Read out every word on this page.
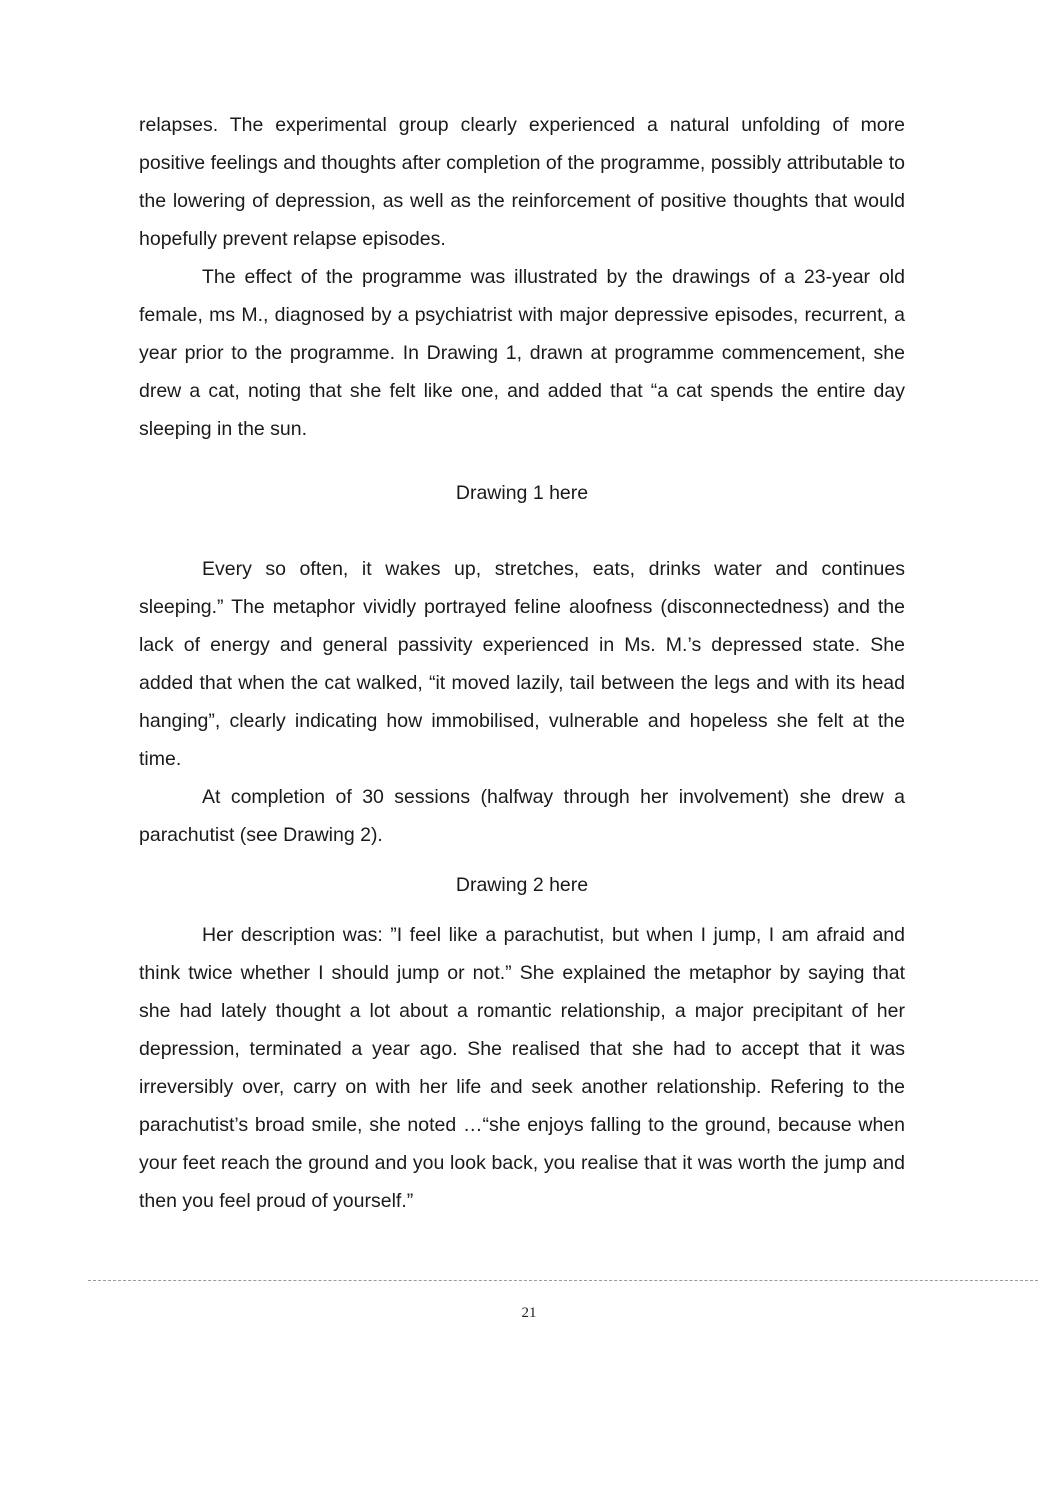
relapses. The experimental group clearly experienced a natural unfolding of more positive feelings and thoughts after completion of the programme, possibly attributable to the lowering of depression, as well as the reinforcement of positive thoughts that would hopefully prevent relapse episodes.

The effect of the programme was illustrated by the drawings of a 23-year old female, ms M., diagnosed by a psychiatrist with major depressive episodes, recurrent, a year prior to the programme. In Drawing 1, drawn at programme commencement, she drew a cat, noting that she felt like one, and added that “a cat spends the entire day sleeping in the sun.

Drawing 1 here

Every so often, it wakes up, stretches, eats, drinks water and continues sleeping.” The metaphor vividly portrayed feline aloofness (disconnectedness) and the lack of energy and general passivity experienced in Ms. M.’s depressed state. She added that when the cat walked, “it moved lazily, tail between the legs and with its head hanging”, clearly indicating how immobilised, vulnerable and hopeless she felt at the time.

At completion of 30 sessions (halfway through her involvement) she drew a parachutist (see Drawing 2).

Drawing 2 here

Her description was: ”I feel like a parachutist, but when I jump, I am afraid and think twice whether I should jump or not.” She explained the metaphor by saying that she had lately thought a lot about a romantic relationship, a major precipitant of her depression, terminated a year ago. She realised that she had to accept that it was irreversibly over, carry on with her life and seek another relationship. Refering to the parachutist’s broad smile, she noted …“she enjoys falling to the ground, because when your feet reach the ground and you look back, you realise that it was worth the jump and then you feel proud of yourself.”

21
